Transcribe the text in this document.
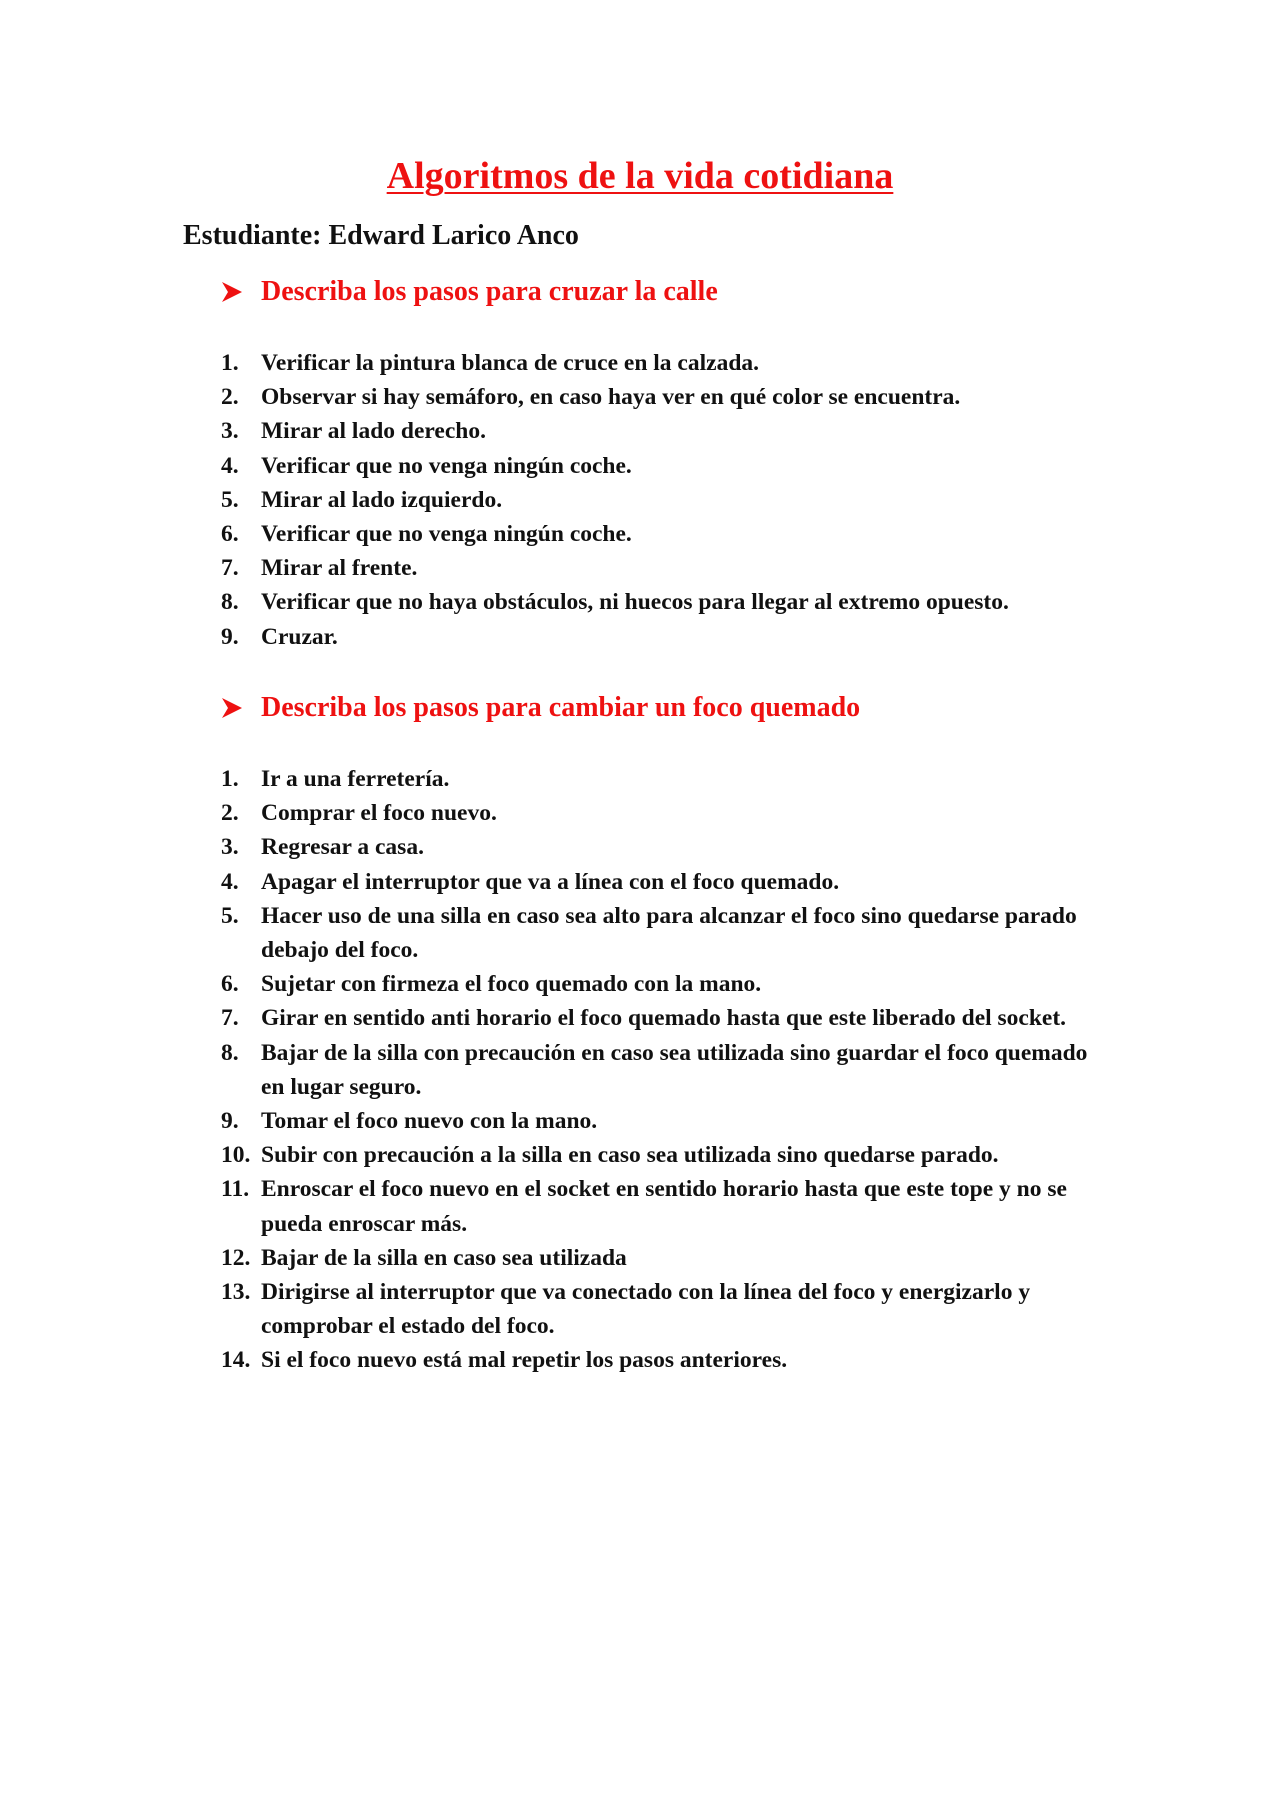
Algoritmos de la vida cotidiana
Estudiante: Edward Larico Anco
Describa los pasos para cruzar la calle
1. Verificar la pintura blanca de cruce en la calzada.
2. Observar si hay semáforo, en caso haya ver en qué color se encuentra.
3. Mirar al lado derecho.
4. Verificar que no venga ningún coche.
5. Mirar al lado izquierdo.
6. Verificar que no venga ningún coche.
7. Mirar al frente.
8. Verificar que no haya obstáculos, ni huecos para llegar al extremo opuesto.
9. Cruzar.
Describa los pasos para cambiar un foco quemado
1. Ir a una ferretería.
2. Comprar el foco nuevo.
3. Regresar a casa.
4. Apagar el interruptor que va a línea con el foco quemado.
5. Hacer uso de una silla en caso sea alto para alcanzar el foco sino quedarse parado debajo del foco.
6. Sujetar con firmeza el foco quemado con la mano.
7. Girar en sentido anti horario el foco quemado hasta que este liberado del socket.
8. Bajar de la silla con precaución en caso sea utilizada sino guardar el foco quemado en lugar seguro.
9. Tomar el foco nuevo con la mano.
10. Subir con precaución a la silla en caso sea utilizada sino quedarse parado.
11. Enroscar el foco nuevo en el socket en sentido horario hasta que este tope y no se pueda enroscar más.
12. Bajar de la silla en caso sea utilizada
13. Dirigirse al interruptor que va conectado con la línea del foco y energizarlo y comprobar el estado del foco.
14. Si el foco nuevo está mal repetir los pasos anteriores.
